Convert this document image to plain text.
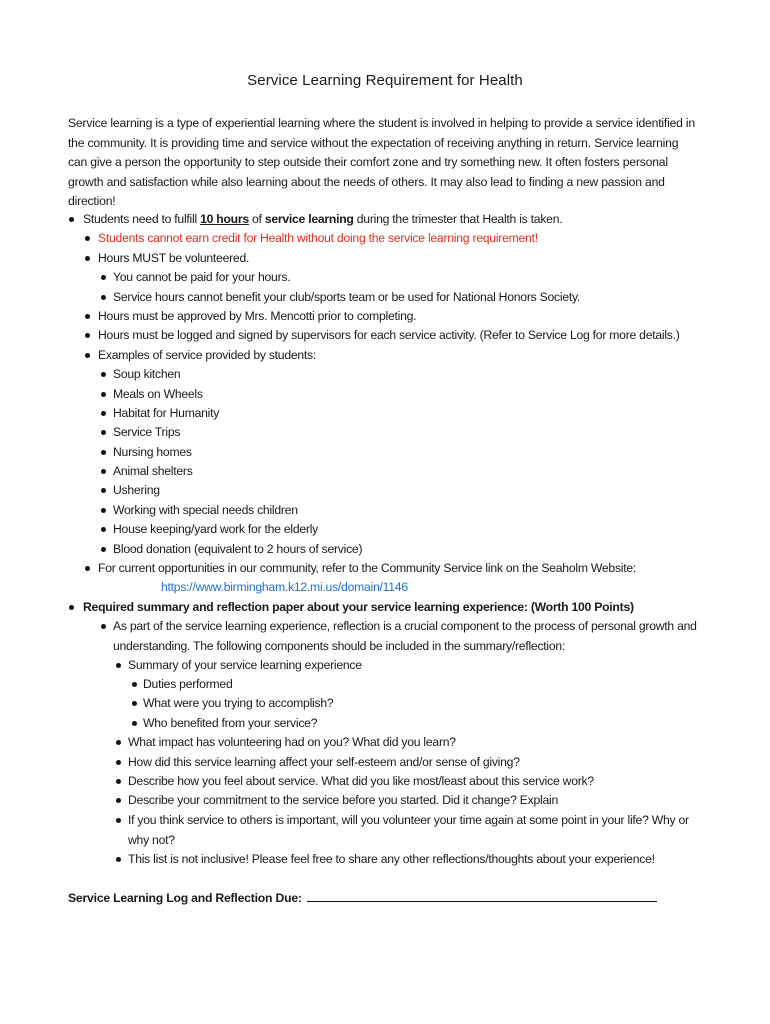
Service Learning Requirement for Health
Service learning is a type of experiential learning where the student is involved in helping to provide a service identified in the community. It is providing time and service without the expectation of receiving anything in return. Service learning can give a person the opportunity to step outside their comfort zone and try something new. It often fosters personal growth and satisfaction while also learning about the needs of others. It may also lead to finding a new passion and direction!
Students need to fulfill 10 hours of service learning during the trimester that Health is taken.
Students cannot earn credit for Health without doing the service learning requirement!
Hours MUST be volunteered.
You cannot be paid for your hours.
Service hours cannot benefit your club/sports team or be used for National Honors Society.
Hours must be approved by Mrs. Mencotti prior to completing.
Hours must be logged and signed by supervisors for each service activity. (Refer to Service Log for more details.)
Examples of service provided by students:
Soup kitchen
Meals on Wheels
Habitat for Humanity
Service Trips
Nursing homes
Animal shelters
Ushering
Working with special needs children
House keeping/yard work for the elderly
Blood donation (equivalent to 2 hours of service)
For current opportunities in our community, refer to the Community Service link on the Seaholm Website:
https://www.birmingham.k12.mi.us/domain/1146
Required summary and reflection paper about your service learning experience: (Worth 100 Points)
As part of the service learning experience, reflection is a crucial component to the process of personal growth and understanding. The following components should be included in the summary/reflection:
Summary of your service learning experience
Duties performed
What were you trying to accomplish?
Who benefited from your service?
What impact has volunteering had on you? What did you learn?
How did this service learning affect your self-esteem and/or sense of giving?
Describe how you feel about service. What did you like most/least about this service work?
Describe your commitment to the service before you started. Did it change? Explain
If you think service to others is important, will you volunteer your time again at some point in your life? Why or why not?
This list is not inclusive! Please feel free to share any other reflections/thoughts about your experience!
Service Learning Log and Reflection Due:
